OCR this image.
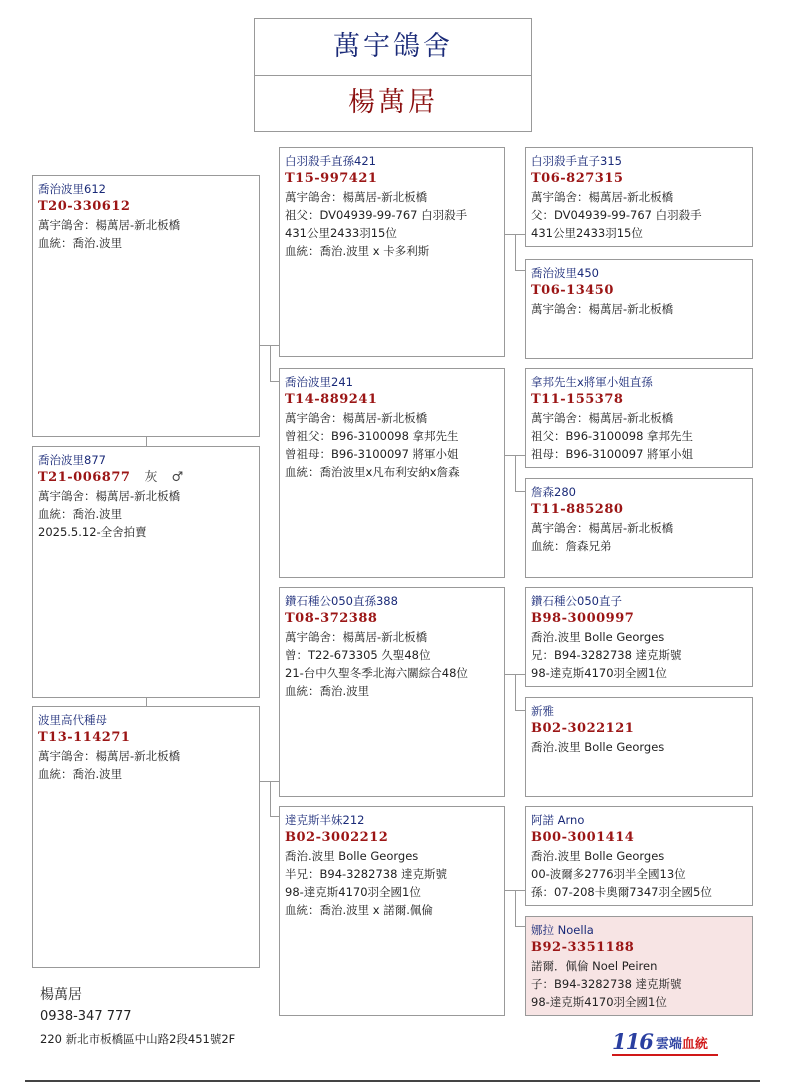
萬宇鴿舍
楊萬居
喬治波里612
T20-330612
萬宇鴿舍：楊萬居-新北板橋
血統：喬治.波里
喬治波里877
T21-006877 灰　♂
萬宇鴿舍：楊萬居-新北板橋
血統：喬治.波里
2025.5.12-全舍拍賣
波里高代種母
T13-114271
萬宇鴿舍：楊萬居-新北板橋
血統：喬治.波里
白羽殺手直孫421
T15-997421
萬宇鴿舍：楊萬居-新北板橋
祖父：DV04939-99-767 白羽殺手
431公里2433羽15位
血統：喬治.波里 x 卡多利斯
喬治波里241
T14-889241
萬宇鴿舍：楊萬居-新北板橋
曾祖父：B96-3100098 拿邦先生
曾祖母：B96-3100097 將軍小姐
血統：喬治波里x凡布利安納x詹森
鑽石種公050直孫388
T08-372388
萬宇鴿舍：楊萬居-新北板橋
曾：T22-673305 久聖48位
21-台中久聖冬季北海六關綜合48位
血統：喬治.波里
達克斯半妹212
B02-3002212
喬治.波里 Bolle Georges
半兄：B94-3282738 達克斯號
98-達克斯4170羽全國1位
血統：喬治.波里 x 諾爾.佩倫
白羽殺手直子315
T06-827315
萬宇鴿舍：楊萬居-新北板橋
父：DV04939-99-767 白羽殺手
431公里2433羽15位
喬治波里450
T06-13450
萬宇鴿舍：楊萬居-新北板橋
拿邦先生x將軍小姐直孫
T11-155378
萬宇鴿舍：楊萬居-新北板橋
祖父：B96-3100098 拿邦先生
祖母：B96-3100097 將軍小姐
詹森280
T11-885280
萬宇鴿舍：楊萬居-新北板橋
血統：詹森兄弟
鑽石種公050直子
B98-3000997
喬治.波里 Bolle Georges
兄：B94-3282738 達克斯號
98-達克斯4170羽全國1位
新雅
B02-3022121
喬治.波里 Bolle Georges
阿諾 Arno
B00-3001414
喬治.波里 Bolle Georges
00-波爾多2776羽半全國13位
孫：07-208卡奧爾7347羽全國5位
娜拉 Noella
B92-3351188
諾爾．佩倫 Noel Peiren
子：B94-3282738 達克斯號
98-達克斯4170羽全國1位
楊萬居
0938-347 777
220 新北市板橋區中山路2段451號2F	116 雲端 血統
